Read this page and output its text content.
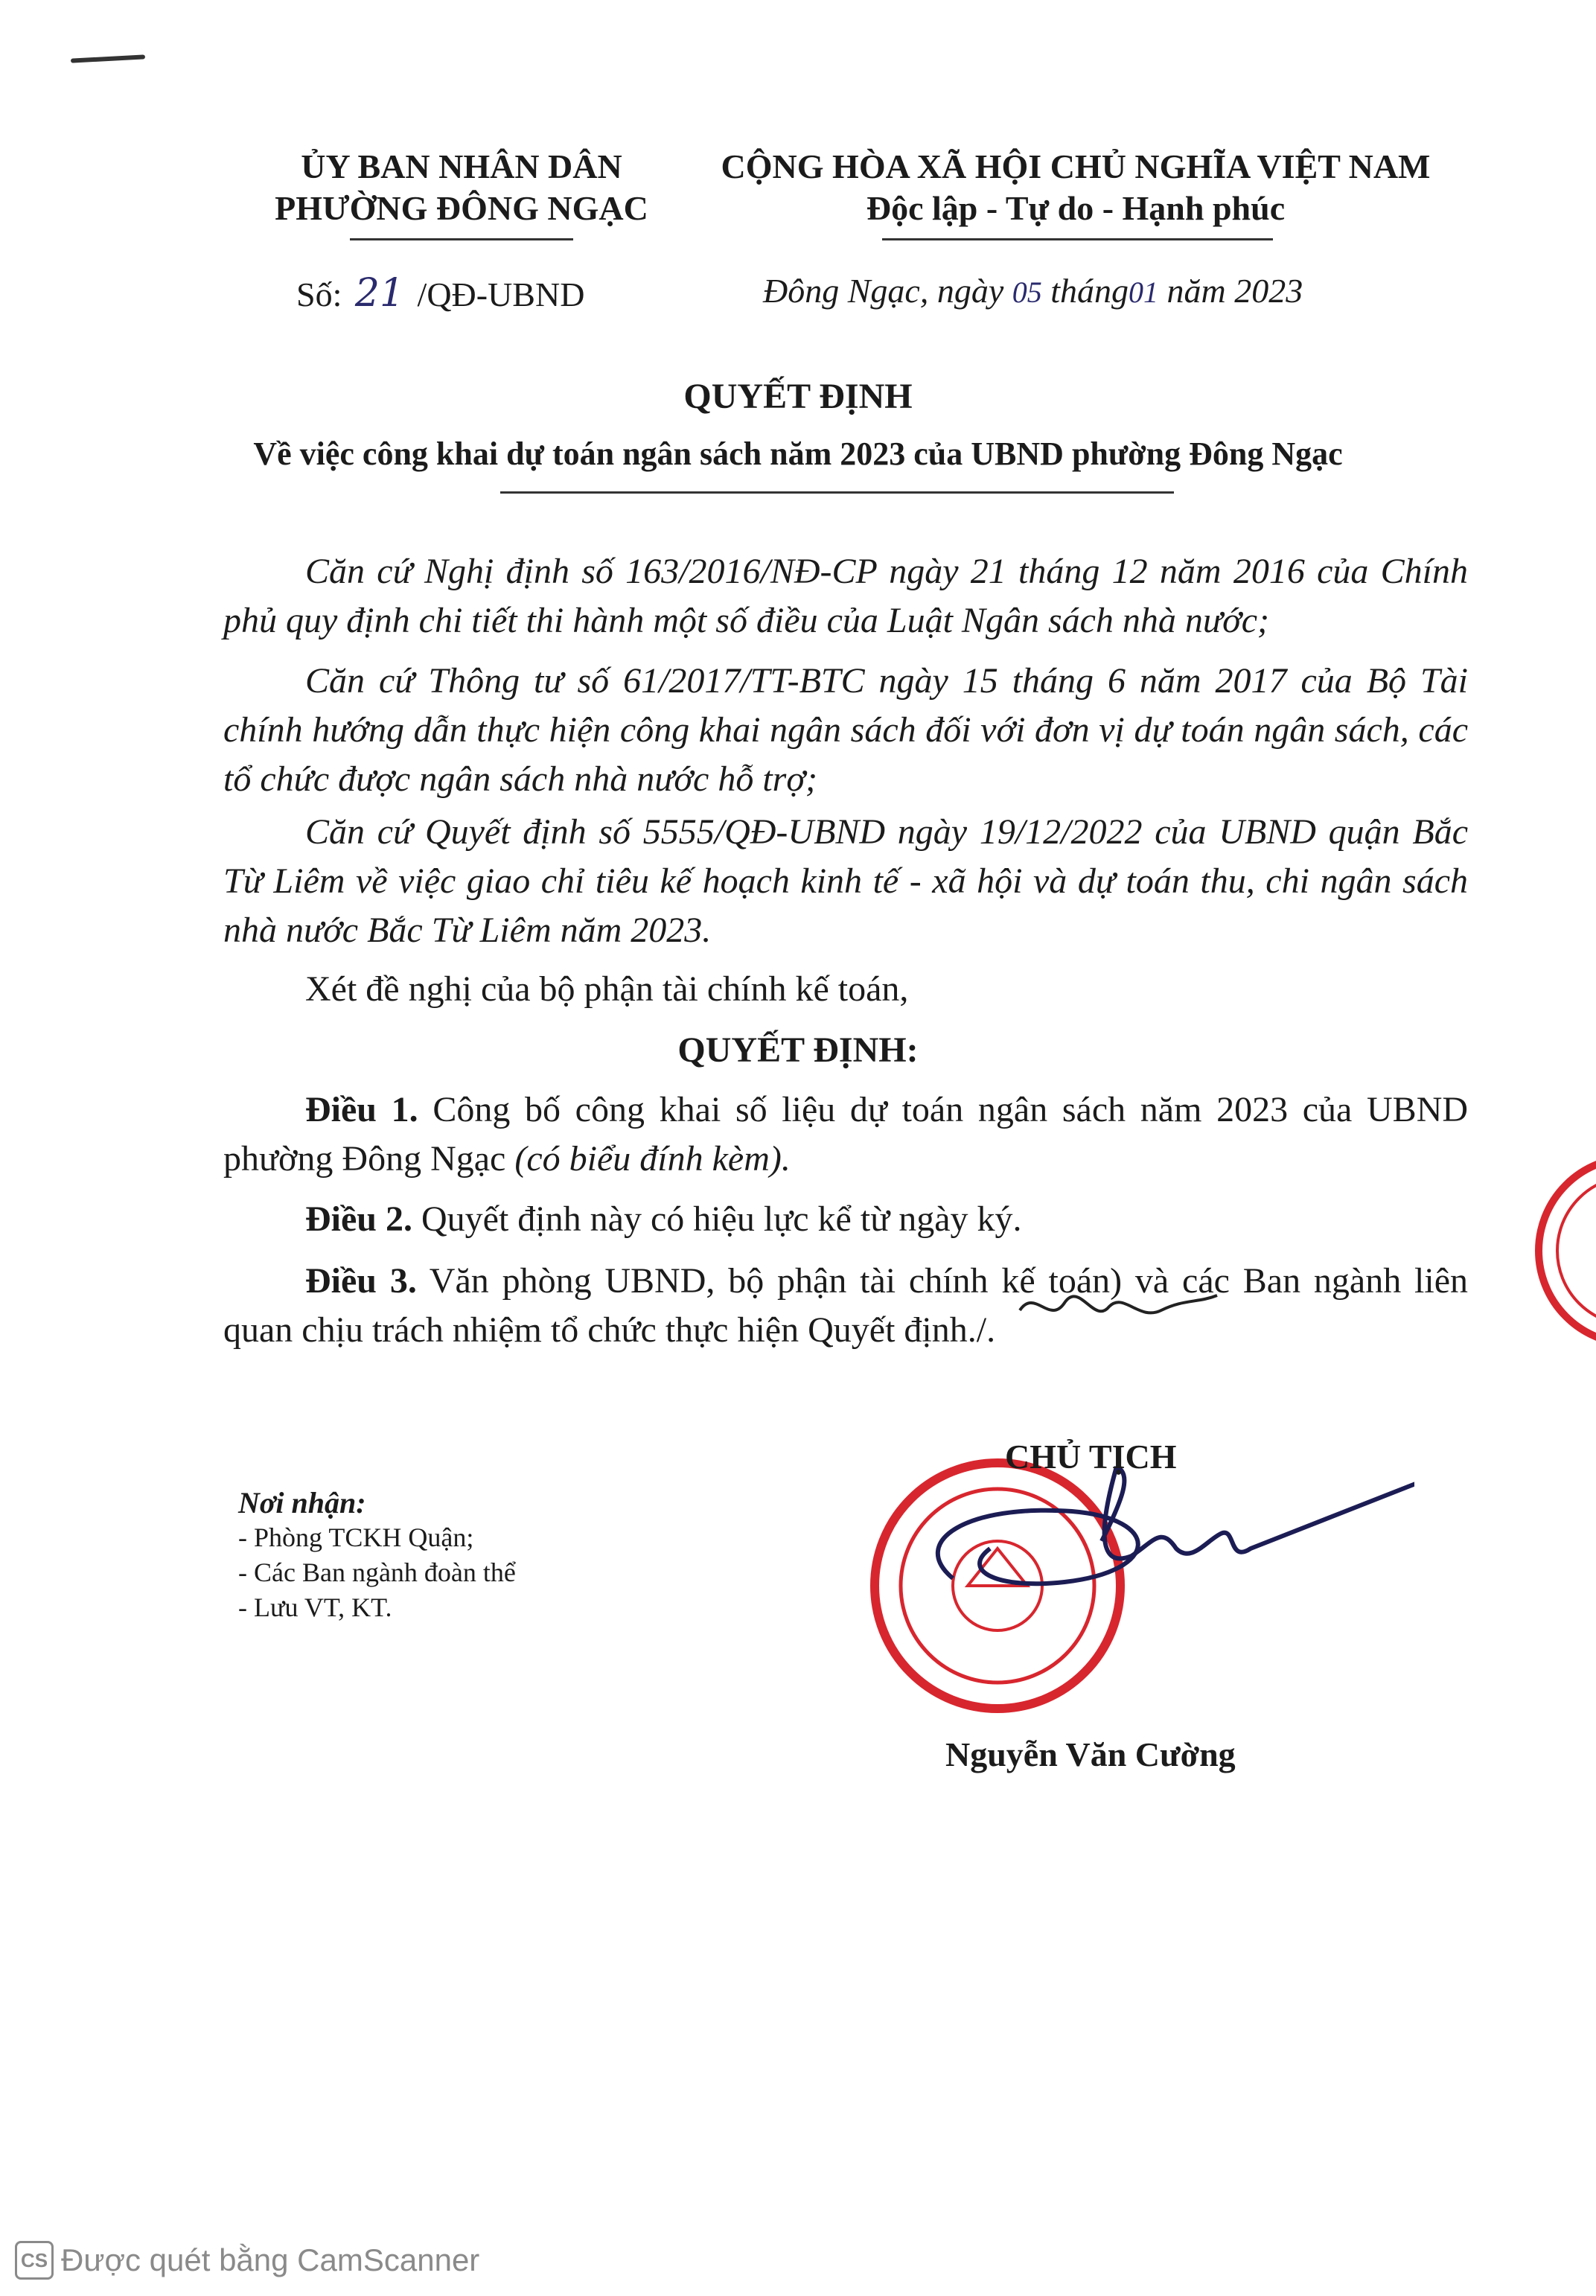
ỦY BAN NHÂN DÂN
PHƯỜNG ĐÔNG NGẠC
CỘNG HÒA XÃ HỘI CHỦ NGHĨA VIỆT NAM
Độc lập - Tự do - Hạnh phúc
Số: 21 /QĐ-UBND	Đông Ngạc, ngày 05 tháng01 năm 2023
QUYẾT ĐỊNH
Về việc công khai dự toán ngân sách năm 2023 của UBND phường Đông Ngạc
Căn cứ Nghị định số 163/2016/NĐ-CP ngày 21 tháng 12 năm 2016 của Chính phủ quy định chi tiết thi hành một số điều của Luật Ngân sách nhà nước;
Căn cứ Thông tư số 61/2017/TT-BTC ngày 15 tháng 6 năm 2017 của Bộ Tài chính hướng dẫn thực hiện công khai ngân sách đối với đơn vị dự toán ngân sách, các tổ chức được ngân sách nhà nước hỗ trợ;
Căn cứ Quyết định số 5555/QĐ-UBND ngày 19/12/2022 của UBND quận Bắc Từ Liêm về việc giao chỉ tiêu kế hoạch kinh tế - xã hội và dự toán thu, chi ngân sách nhà nước Bắc Từ Liêm năm 2023.
Xét đề nghị của bộ phận tài chính kế toán,
QUYẾT ĐỊNH:
Điều 1. Công bố công khai số liệu dự toán ngân sách năm 2023 của UBND phường Đông Ngạc (có biểu đính kèm).
Điều 2. Quyết định này có hiệu lực kể từ ngày ký.
Điều 3. Văn phòng UBND, bộ phận tài chính kế toán) và các Ban ngành liên quan chịu trách nhiệm tổ chức thực hiện Quyết định./.
CHỦ TỊCH
Nơi nhận:
- Phòng TCKH Quận;
- Các Ban ngành đoàn thể
- Lưu VT, KT.
Nguyễn Văn Cường
CS Được quét bằng CamScanner
